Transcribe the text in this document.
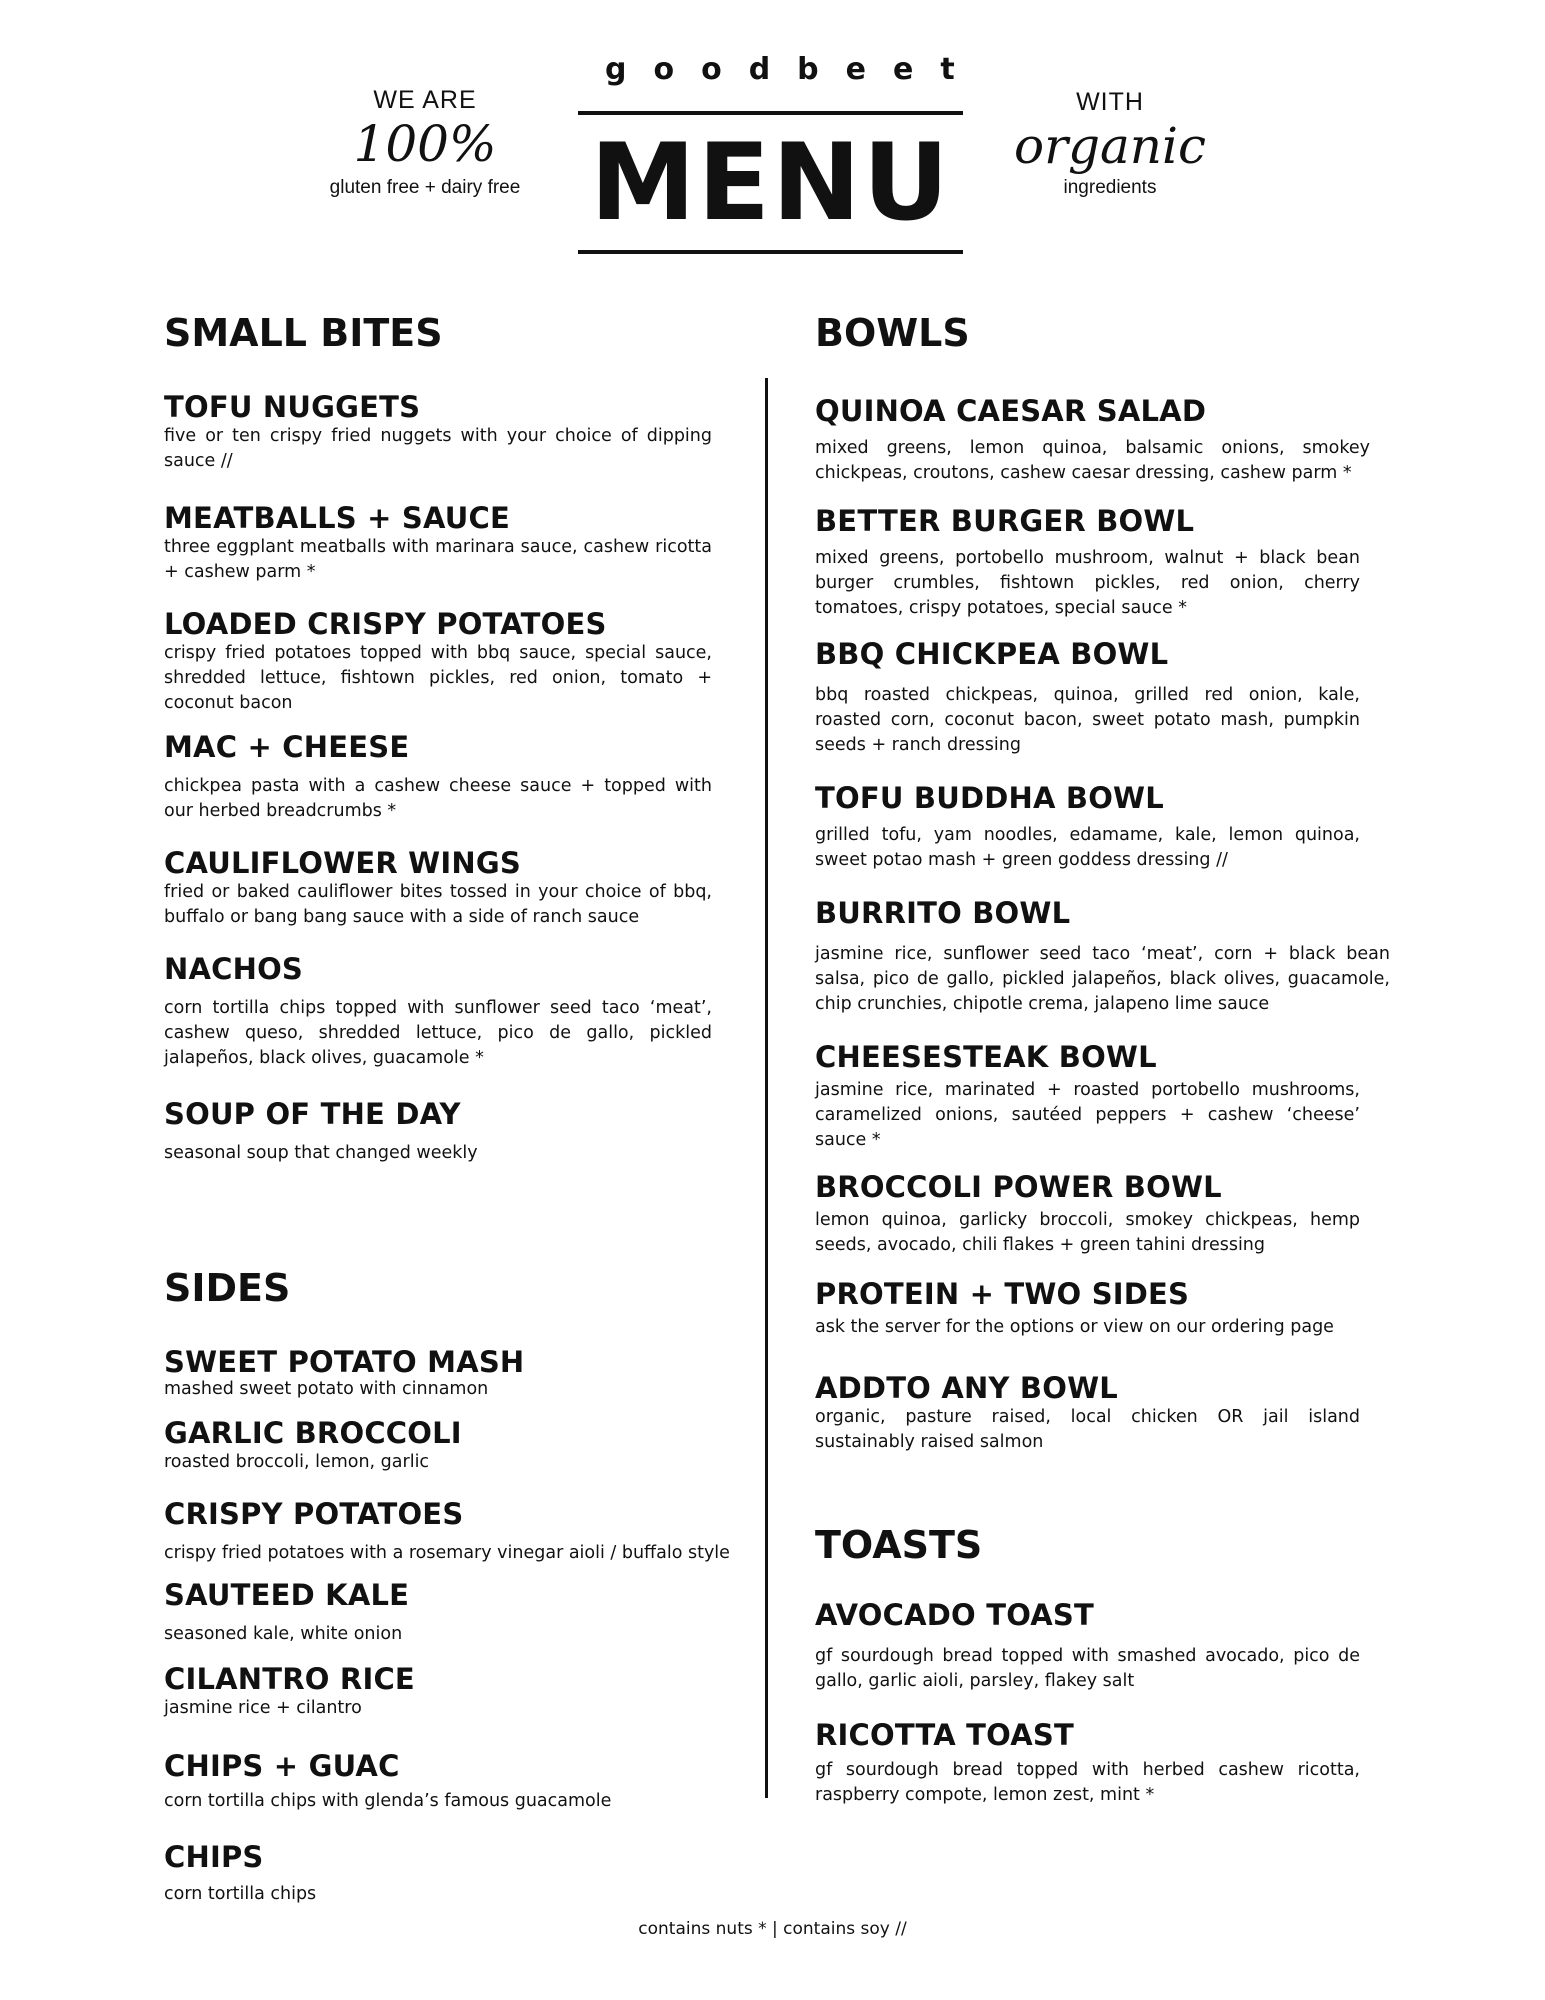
goodbeet
MENU
WE ARE
100%
gluten free + dairy free
WITH
organic
ingredients
SMALL BITES
TOFU NUGGETS

five or ten crispy fried nuggets with your choice of dipping sauce //

MEATBALLS + SAUCE

three eggplant meatballs with marinara sauce, cashew ricotta + cashew parm *

LOADED CRISPY POTATOES

crispy fried potatoes topped with bbq sauce, special sauce, shredded lettuce, fishtown pickles, red onion, tomato + coconut bacon

MAC + CHEESE

chickpea pasta with a cashew cheese sauce + topped with our herbed breadcrumbs *

CAULIFLOWER WINGS

fried or baked cauliflower bites tossed in your choice of bbq, buffalo or bang bang sauce with a side of ranch sauce

NACHOS

corn tortilla chips topped with sunflower seed taco ‘meat’, cashew queso, shredded lettuce, pico de gallo, pickled jalapeños, black olives, guacamole *

SOUP OF THE DAY

seasonal soup that changed weekly

SIDES
SWEET POTATO MASH

mashed sweet potato with cinnamon

GARLIC BROCCOLI

roasted broccoli, lemon, garlic

CRISPY POTATOES

crispy fried potatoes with a rosemary vinegar aioli / buffalo style

SAUTEED KALE

seasoned kale, white onion

CILANTRO RICE

jasmine rice + cilantro

CHIPS + GUAC

corn tortilla chips with glenda’s famous guacamole

CHIPS

corn tortilla chips

BOWLS
QUINOA CAESAR SALAD

mixed greens, lemon quinoa, balsamic onions, smokey chickpeas, croutons, cashew caesar dressing, cashew parm *

BETTER BURGER BOWL

mixed greens, portobello mushroom, walnut + black bean burger crumbles, fishtown pickles, red onion, cherry tomatoes, crispy potatoes, special sauce *

BBQ CHICKPEA BOWL

bbq roasted chickpeas, quinoa, grilled red onion, kale, roasted corn, coconut bacon, sweet potato mash, pumpkin seeds + ranch dressing

TOFU BUDDHA BOWL

grilled tofu, yam noodles, edamame, kale, lemon quinoa, sweet potao mash + green goddess dressing //

BURRITO BOWL

jasmine rice, sunflower seed taco ‘meat’, corn + black bean salsa, pico de gallo, pickled jalapeños, black olives, guacamole, chip crunchies, chipotle crema, jalapeno lime sauce

CHEESESTEAK BOWL

jasmine rice, marinated + roasted portobello mushrooms, caramelized onions, sautéed peppers + cashew ‘cheese’ sauce *

BROCCOLI POWER BOWL

lemon quinoa, garlicky broccoli, smokey chickpeas, hemp seeds, avocado, chili flakes + green tahini dressing

PROTEIN + TWO SIDES

ask the server for the options or view on our ordering page

ADDTO ANY BOWL

organic, pasture raised, local chicken OR jail island sustainably raised salmon

TOASTS
AVOCADO TOAST

gf sourdough bread topped with smashed avocado, pico de gallo, garlic aioli, parsley, flakey salt

RICOTTA TOAST

gf sourdough bread topped with herbed cashew ricotta, raspberry compote, lemon zest, mint *

contains nuts * | contains soy //
